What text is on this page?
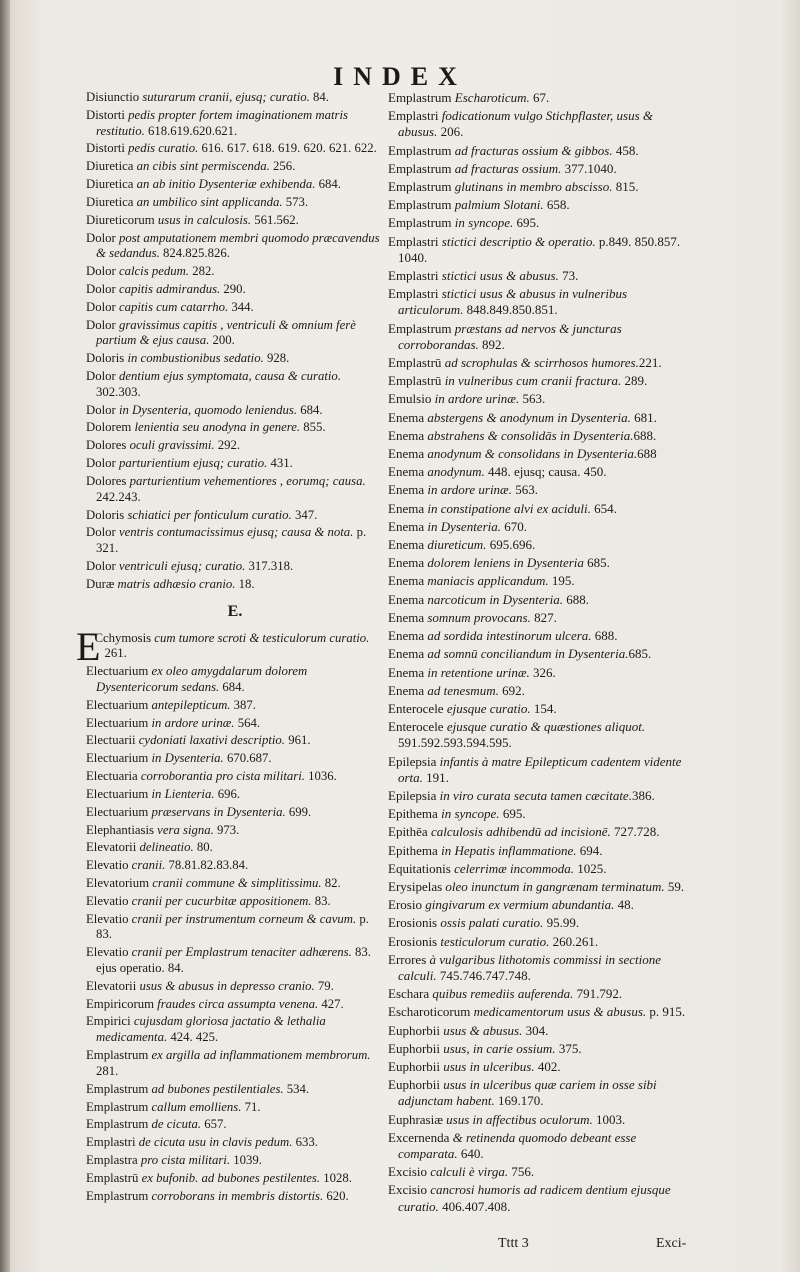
INDEX

Disiunctio suturarum cranii, ejusq; curatio. 84.

Distorti pedis propter fortem imaginationem matris restitutio. 618.619.620.621.

Distorti pedis curatio. 616. 617. 618. 619. 620. 621. 622.

Diuretica an cibis sint permiscenda. 256.

Diuretica an ab initio Dysenteriæ exhibenda. 684.

Diuretica an umbilico sint applicanda. 573.

Diureticorum usus in calculosis. 561.562.

Dolor post amputationem membri quomodo præcavendus & sedandus. 824.825.826.

Dolor calcis pedum. 282.

Dolor capitis admirandus. 290.

Dolor capitis cum catarrho. 344.

Dolor gravissimus capitis , ventriculi & omnium ferè partium & ejus causa. 200.

Doloris in combustionibus sedatio. 928.

Dolor dentium ejus symptomata, causa & curatio. 302.303.

Dolor in Dysenteria, quomodo leniendus. 684.

Dolorem lenientia seu anodyna in genere. 855.

Dolores oculi gravissimi. 292.

Dolor parturientium ejusq; curatio. 431.

Dolores parturientium vehementiores , eorumq; causa. 242.243.

Doloris schiatici per fonticulum curatio. 347.

Dolor ventris contumacissimus ejusq; causa & nota. p. 321.

Dolor ventriculi ejusq; curatio. 317.318.

Duræ matris adhæsio cranio. 18.

E.

E
Cchymosis cum tumore scroti & testiculorum curatio. 261.

Electuarium ex oleo amygdalarum dolorem Dysentericorum sedans. 684.

Electuarium antepilepticum. 387.

Electuarium in ardore urinæ. 564.

Electuarii cydoniati laxativi descriptio. 961.

Electuarium in Dysenteria. 670.687.

Electuaria corroborantia pro cista militari. 1036.

Electuarium in Lienteria. 696.

Electuarium præservans in Dysenteria. 699.

Elephantiasis vera signa. 973.

Elevatorii delineatio. 80.

Elevatio cranii. 78.81.82.83.84.

Elevatorium cranii commune & simplitissimu. 82.

Elevatio cranii per cucurbitæ appositionem. 83.

Elevatio cranii per instrumentum corneum & cavum. p. 83.

Elevatio cranii per Emplastrum tenaciter adhærens. 83. ejus operatio. 84.

Elevatorii usus & abusus in depresso cranio. 79.

Empiricorum fraudes circa assumpta venena. 427.

Empirici cujusdam gloriosa jactatio & lethalia medicamenta. 424. 425.

Emplastrum ex argilla ad inflammationem membrorum. 281.

Emplastrum ad bubones pestilentiales. 534.

Emplastrum callum emolliens. 71.

Emplastrum de cicuta. 657.

Emplastri de cicuta usu in clavis pedum. 633.

Emplastra pro cista militari. 1039.

Emplastrū ex bufonib. ad bubones pestilentes. 1028.

Emplastrum corroborans in membris distortis. 620.

Emplastrum Escharoticum. 67.

Emplastri fodicationum vulgo Stichpflaster, usus & abusus. 206.

Emplastrum ad fracturas ossium & gibbos. 458.

Emplastrum ad fracturas ossium. 377.1040.

Emplastrum glutinans in membro abscisso. 815.

Emplastrum palmium Slotani. 658.

Emplastrum in syncope. 695.

Emplastri stictici descriptio & operatio. p.849. 850.857. 1040.

Emplastri stictici usus & abusus. 73.

Emplastri stictici usus & abusus in vulneribus articulorum. 848.849.850.851.

Emplastrum præstans ad nervos & juncturas corroborandas. 892.

Emplastrū ad scrophulas & scirrhosos humores.221.

Emplastrū in vulneribus cum cranii fractura. 289.

Emulsio in ardore urinæ. 563.

Enema abstergens & anodynum in Dysenteria. 681.

Enema abstrahens & consolidās in Dysenteria.688.

Enema anodynum & consolidans in Dysenteria.688

Enema anodynum. 448. ejusq; causa. 450.

Enema in ardore urinæ. 563.

Enema in constipatione alvi ex aciduli. 654.

Enema in Dysenteria. 670.

Enema diureticum. 695.696.

Enema dolorem leniens in Dysenteria 685.

Enema maniacis applicandum. 195.

Enema narcoticum in Dysenteria. 688.

Enema somnum provocans. 827.

Enema ad sordida intestinorum ulcera. 688.

Enema ad somnū conciliandum in Dysenteria.685.

Enema in retentione urinæ. 326.

Enema ad tenesmum. 692.

Enterocele ejusque curatio. 154.

Enterocele ejusque curatio & quæstiones aliquot. 591.592.593.594.595.

Epilepsia infantis à matre Epilepticum cadentem vidente orta. 191.

Epilepsia in viro curata secuta tamen cæcitate.386.

Epithema in syncope. 695.

Epithēa calculosis adhibendū ad incisionē. 727.728.

Epithema in Hepatis inflammatione. 694.

Equitationis celerrimæ incommoda. 1025.

Erysipelas oleo inunctum in gangrænam terminatum. 59.

Erosio gingivarum ex vermium abundantia. 48.

Erosionis ossis palati curatio. 95.99.

Erosionis testiculorum curatio. 260.261.

Errores à vulgaribus lithotomis commissi in sectione calculi. 745.746.747.748.

Eschara quibus remediis auferenda. 791.792.

Escharoticorum medicamentorum usus & abusus. p. 915.

Euphorbii usus & abusus. 304.

Euphorbii usus, in carie ossium. 375.

Euphorbii usus in ulceribus. 402.

Euphorbii usus in ulceribus quæ cariem in osse sibi adjunctam habent. 169.170.

Euphrasiæ usus in affectibus oculorum. 1003.

Excernenda & retinenda quomodo debeant esse comparata. 640.

Excisio calculi è virga. 756.

Excisio cancrosi humoris ad radicem dentium ejusque curatio. 406.407.408.

Tttt 3	Exci-
